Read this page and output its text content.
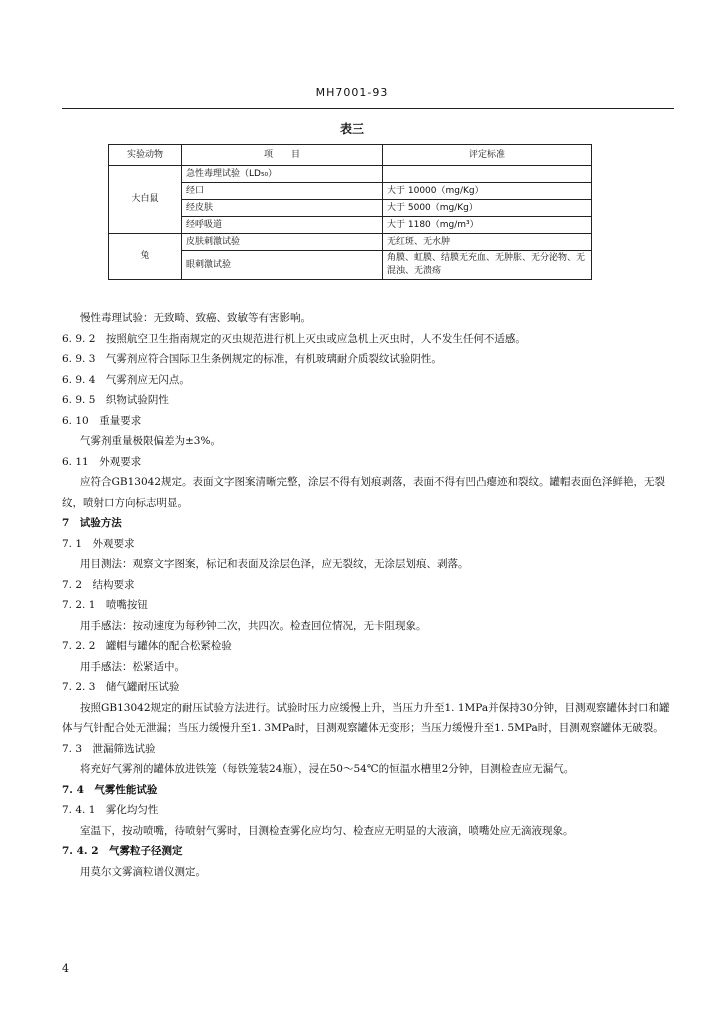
MH7001-93
表三
实验动物	项　　目	评定标准
大白鼠	急性毒理试验（LD₅₀）	
	经口	大于 10000（mg/Kg）
	经皮肤	大于 5000（mg/Kg）
	经呼吸道	大于 1180（mg/m³）
兔	皮肤刺激试验	无红斑、无水肿
	眼刺激试验	角膜、虹膜、结膜无充血、无肿胀、无分泌物、无混浊、无溃疡
慢性毒理试验：无致畸、致癌、致敏等有害影响。
6. 9. 2　按照航空卫生指南规定的灭虫规范进行机上灭虫或应急机上灭虫时，人不发生任何不适感。
6. 9. 3　气雾剂应符合国际卫生条例规定的标准，有机玻璃耐介质裂纹试验阴性。
6. 9. 4　气雾剂应无闪点。
6. 9. 5　织物试验阴性
6. 10　重量要求
气雾剂重量极限偏差为±3%。
6. 11　外观要求
应符合GB13042规定。表面文字图案清晰完整，涂层不得有划痕剥落，表面不得有凹凸瘪迹和裂纹。罐帽表面色泽鲜艳，无裂纹，喷射口方向标志明显。
7　试验方法
7. 1　外观要求
用目测法：观察文字图案，标记和表面及涂层色泽，应无裂纹，无涂层划痕、剥落。
7. 2　结构要求
7. 2. 1　喷嘴按钮
用手感法：按动速度为每秒钟二次，共四次。检查回位情况，无卡阻现象。
7. 2. 2　罐帽与罐体的配合松紧检验
用手感法：松紧适中。
7. 2. 3　储气罐耐压试验
按照GB13042规定的耐压试验方法进行。试验时压力应缓慢上升，当压力升至1. 1MPa并保持30分钟，目测观察罐体封口和罐体与气针配合处无泄漏；当压力缓慢升至1. 3MPa时，目测观察罐体无变形；当压力缓慢升至1. 5MPa时，目测观察罐体无破裂。
7. 3　泄漏筛选试验
将充好气雾剂的罐体放进铁笼（每铁笼装24瓶），浸在50～54℃的恒温水槽里2分钟，目测检查应无漏气。
7. 4　气雾性能试验
7. 4. 1　雾化均匀性
室温下，按动喷嘴，待喷射气雾时，目测检查雾化应均匀、检查应无明显的大液滴，喷嘴处应无滴液现象。
7. 4. 2　气雾粒子径测定
用莫尔文雾滴粒谱仪测定。
4
